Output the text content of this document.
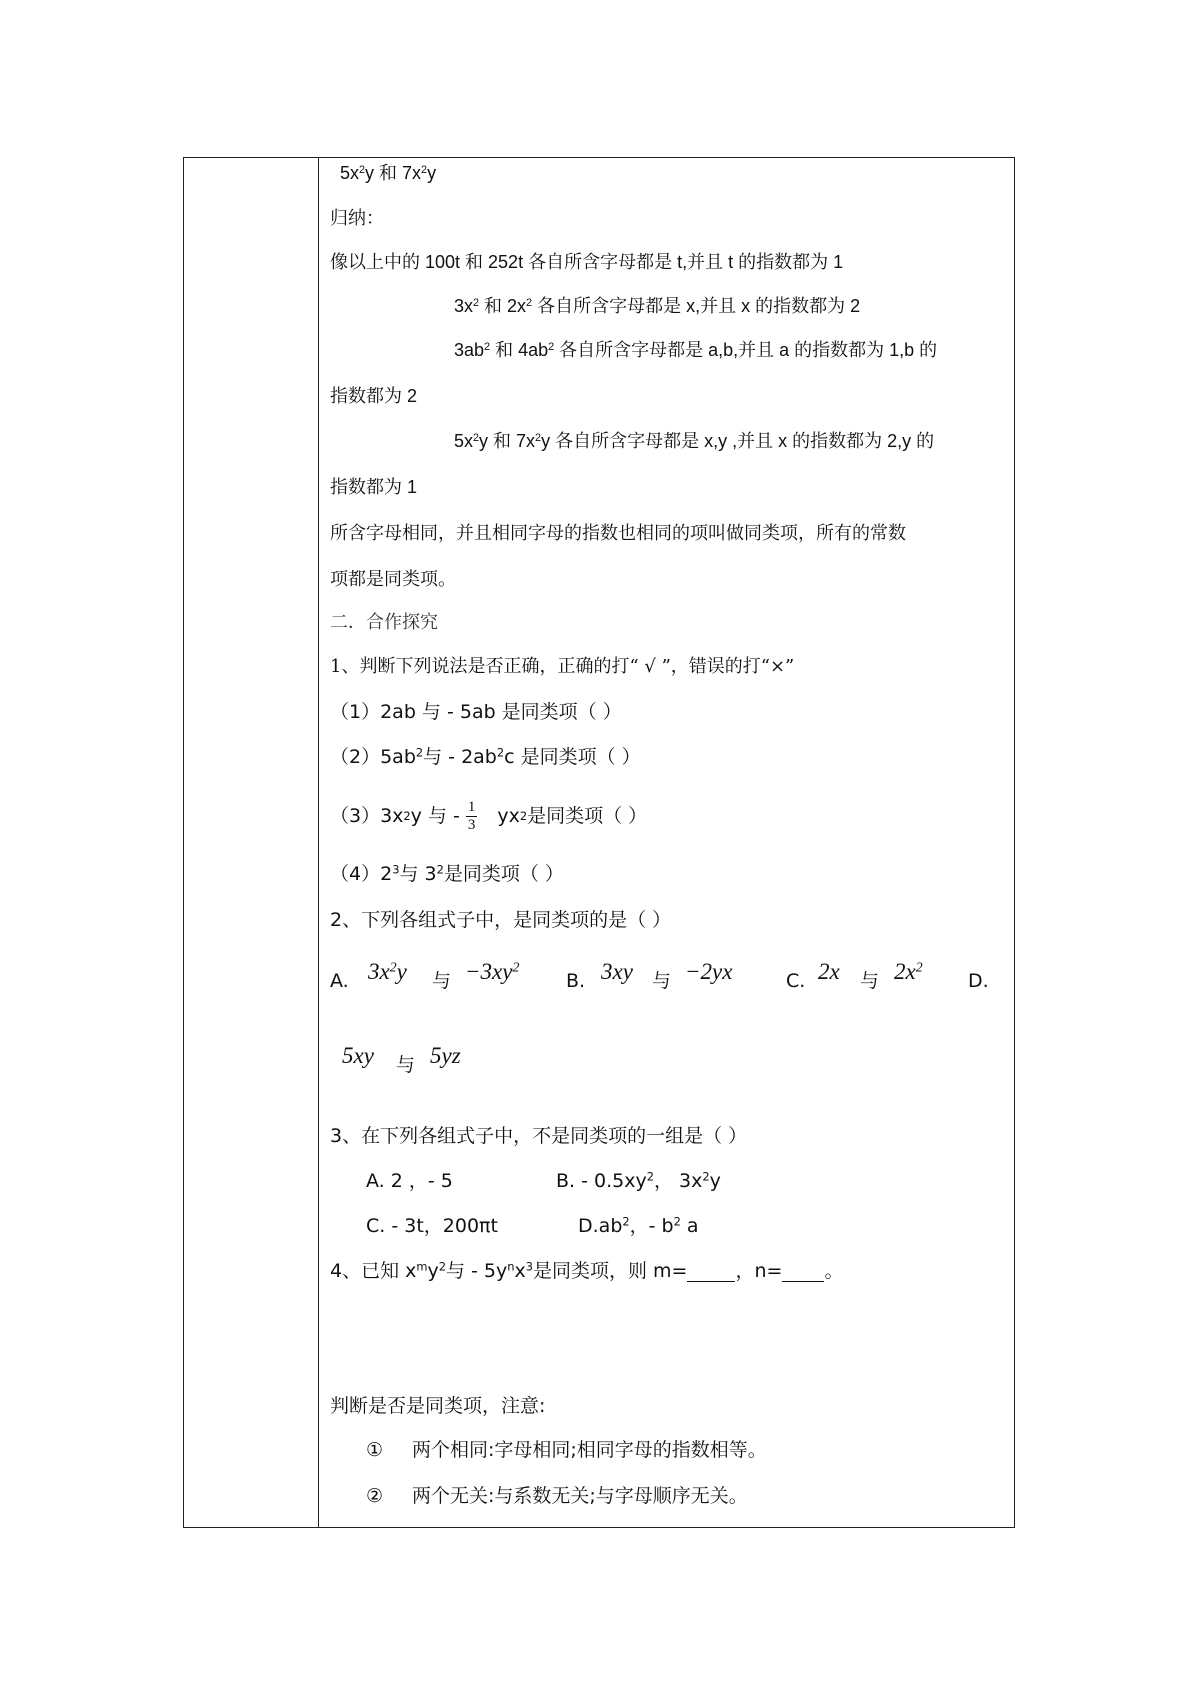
$5x^2y$ 和 $7x^2y$
归纳：
像以上中的 100t 和 252t 各自所含字母都是 t,并且 t 的指数都为 1
$3x^2$ 和 $2x^2$ 各自所含字母都是 x,并且 x 的指数都为 2
$3ab^2$ 和 $4ab^2$ 各自所含字母都是 a,b,并且 a 的指数都为 1,b 的
指数都为 2
$5x^2y$ 和 $7x^2y$ 各自所含字母都是 x,y ,并且 x 的指数都为 2,y 的
指数都为 1
所含字母相同，并且相同字母的指数也相同的项叫做同类项，所有的常数
项都是同类项。
二．合作探究
1、判断下列说法是否正确，正确的打“ √ ”，错误的打“×”
（1）2ab 与 - 5ab 是同类项（ ）
$(2)5ab^2$与 - $2ab^2c$ 是同类项（ ）
（3）3x 2 y 与 - $\frac{1}{3}$ yx 2 是同类项（ ）
$(4)2^3$与 $3^2$是同类项（ ）
2、下列各组式子中，是同类项的是（ ）
A. $3x^2y$ 与 $-3xy^2$
B. 3xy 与 −2yx	C. 2x 与 $2x^2$
D.
5xy 与 5yz
3、在下列各组式子中，不是同类项的一组是（ ）
A. 2 ，- 5	B. - $0.5xy^2$， $3x^2y$
C. - 3t，200πt	$D.ab^2$，- $b^2$ a
4、已知 $x^my^2$与 - $5y^nx^3$是同类项，则 m=	，n= 。
判断是否是同类项，注意:
① 两个相同:字母相同;相同字母的指数相等。
② 两个无关:与系数无关;与字母顺序无关。
